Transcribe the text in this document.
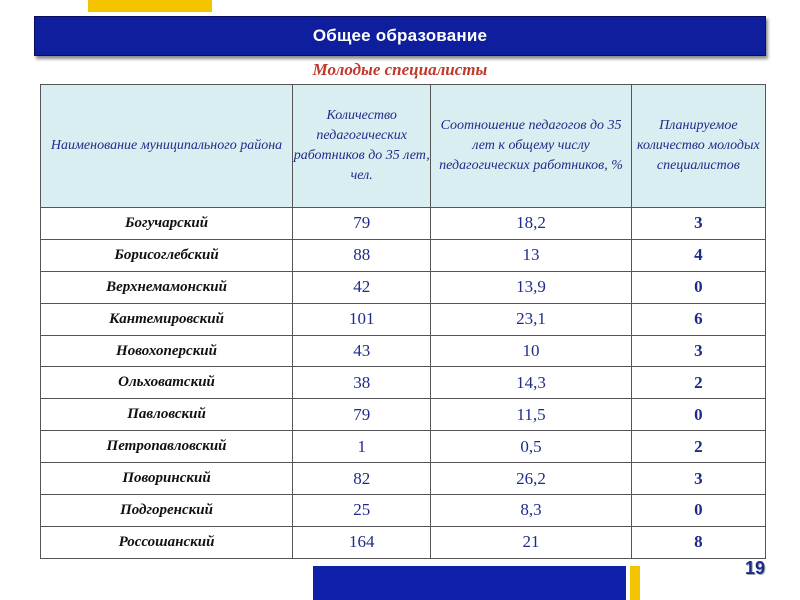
Общее образование
Молодые специалисты
Наименование муниципального района	Количество педагогических работников до 35 лет, чел.	Соотношение педагогов до 35 лет к общему числу педагогических работников, %	Планируемое количество молодых специалистов
Богучарский	79	18,2	3
Борисоглебский	88	13	4
Верхнемамонский	42	13,9	0
Кантемировский	101	23,1	6
Новохоперский	43	10	3
Ольховатский	38	14,3	2
Павловский	79	11,5	0
Петропавловский	1	0,5	2
Поворинский	82	26,2	3
Подгоренский	25	8,3	0
Россошанский	164	21	8
19
